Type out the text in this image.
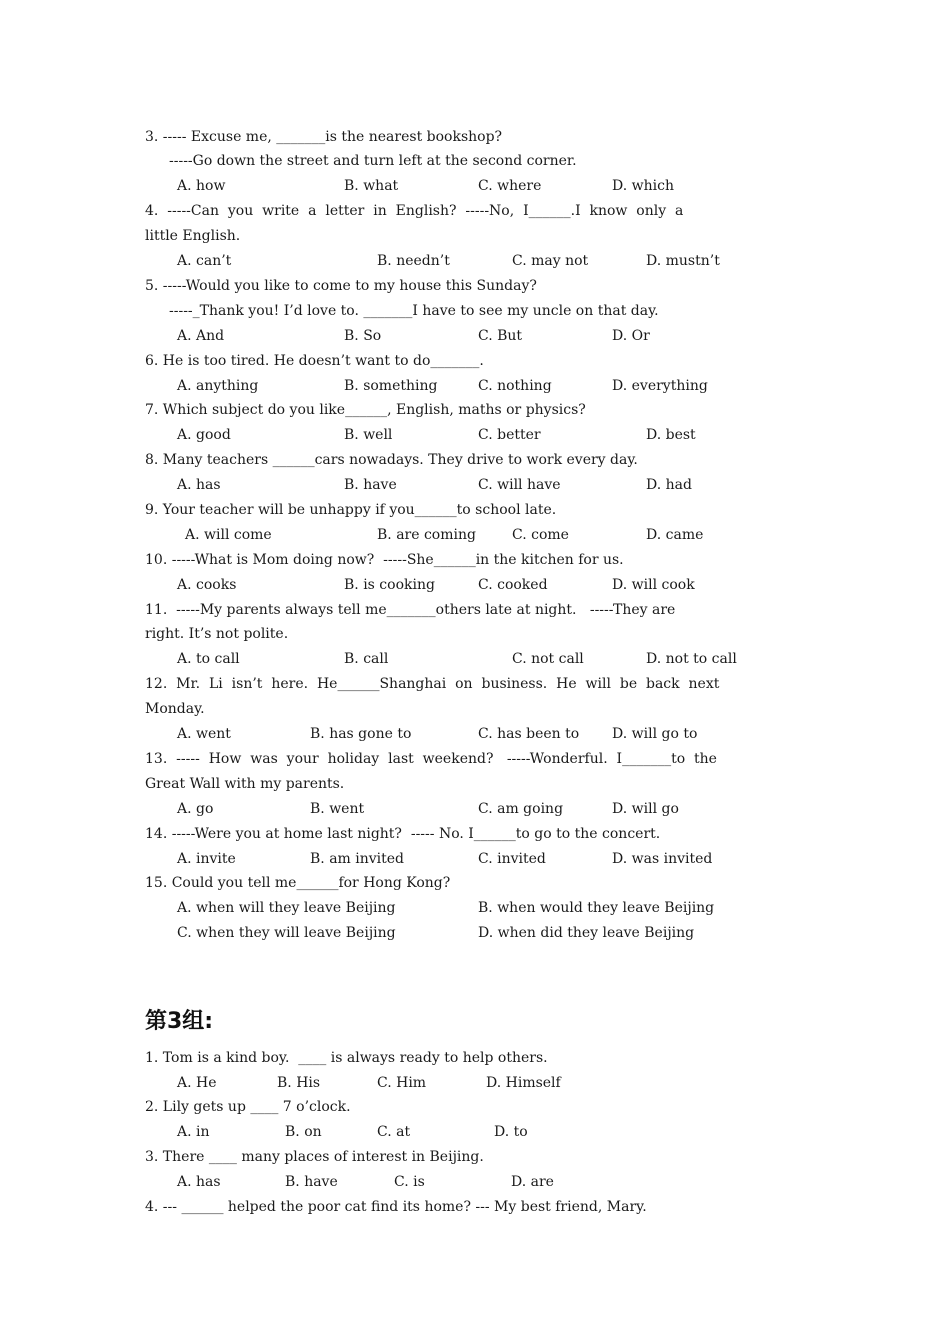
3. ----- Excuse me, _______is the nearest bookshop?
-----Go down the street and turn left at the second corner.

A. how

	B. what

	C. where

	D. which

4.  -----Can  you  write  a  letter  in  English?  -----No,  I______.I  know  only  a
little English.

A. can’t

	B. needn’t

	C. may not

	D. mustn’t

5. -----Would you like to come to my house this Sunday?
-----_Thank you! I’d love to. _______I have to see my uncle on that day.

A. And

	B. So

	C. But

	D. Or

6. He is too tired. He doesn’t want to do_______.

A. anything

	B. something

	C. nothing

	D. everything

7. Which subject do you like______, English, maths or physics?

A. good

	B. well

	C. better

	D. best

8. Many teachers ______cars nowadays. They drive to work every day.

A. has

	B. have

	C. will have

	D. had

9. Your teacher will be unhappy if you______to school late.

A. will come

	B. are coming

	C. come

	D. came

10. -----What is Mom doing now?  -----She______in the kitchen for us.

A. cooks

	B. is cooking

	C. cooked

	D. will cook

11.  -----My parents always tell me_______others late at night.   -----They are
right. It’s not polite.

A. to call

	B. call

	C. not call

	D. not to call

12.  Mr.  Li  isn’t  here.  He______Shanghai  on  business.  He  will  be  back  next
Monday.

A. went

	B. has gone to

	C. has been to

D. will go to

13.  -----  How  was  your  holiday  last  weekend?   -----Wonderful.  I_______to  the
Great Wall with my parents.

A. go

	B. went

	C. am going

	D. will go

14. -----Were you at home last night?  ----- No. I______to go to the concert.

A. invite

	B. am invited

	C. invited

	D. was invited

15. Could you tell me______for Hong Kong?

A. when will they leave Beijing

	B. when would they leave Beijing

C. when they will leave Beijing

	D. when did they leave Beijing

第3组:
1. Tom is a kind boy.  ____ is always ready to help others.

A. He

	B. His

	C. Him

	D. Himself

2. Lily gets up ____ 7 o’clock.

A. in

	B. on

	C. at

	D. to

3. There ____ many places of interest in Beijing.

A. has

	B. have

	C. is

	D. are

4. --- ______ helped the poor cat find its home? --- My best friend, Mary.
